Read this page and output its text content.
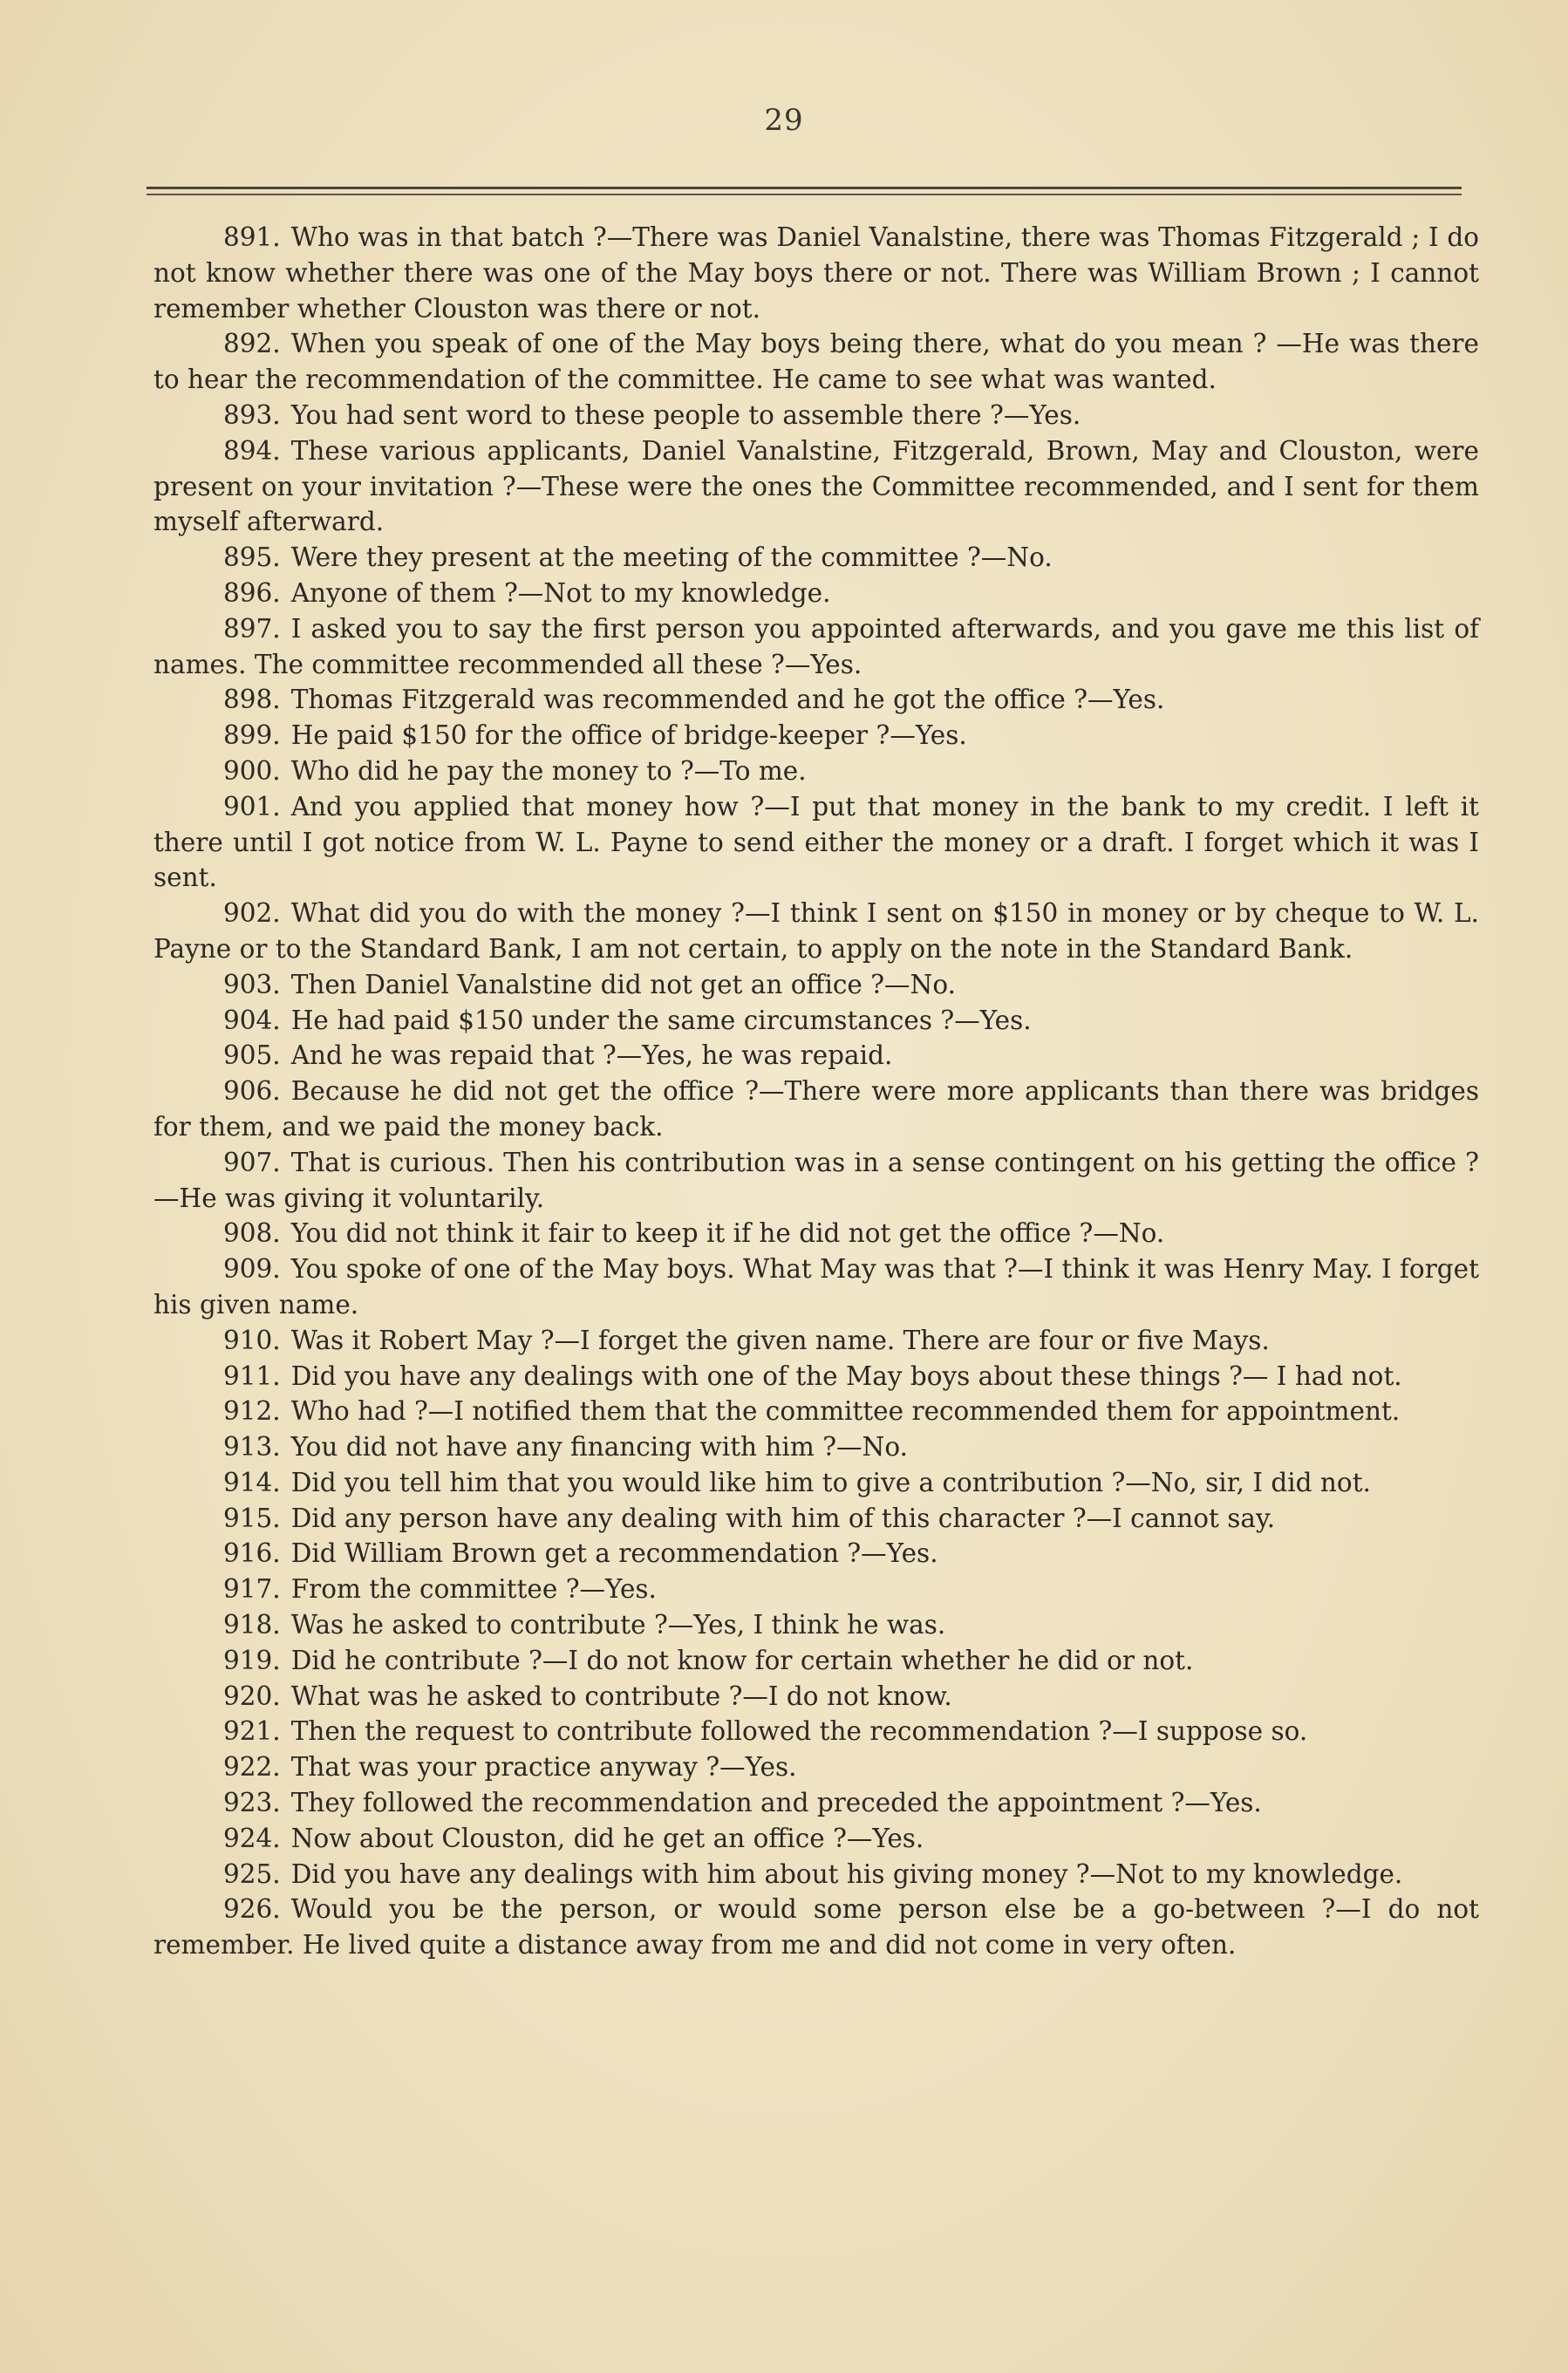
29

891. Who was in that batch ?—There was Daniel Vanalstine, there was Thomas Fitzgerald ; I do not know whether there was one of the May boys there or not. There was William Brown ; I cannot remember whether Clouston was there or not.

892. When you speak of one of the May boys being there, what do you mean ? —He was there to hear the recommendation of the committee. He came to see what was wanted.

893. You had sent word to these people to assemble there ?—Yes.

894. These various applicants, Daniel Vanalstine, Fitzgerald, Brown, May and Clouston, were present on your invitation ?—These were the ones the Committee recommended, and I sent for them myself afterward.

895. Were they present at the meeting of the committee ?—No.

896. Anyone of them ?—Not to my knowledge.

897. I asked you to say the first person you appointed afterwards, and you gave me this list of names. The committee recommended all these ?—Yes.

898. Thomas Fitzgerald was recommended and he got the office ?—Yes.

899. He paid $150 for the office of bridge-keeper ?—Yes.

900. Who did he pay the money to ?—To me.

901. And you applied that money how ?—I put that money in the bank to my credit. I left it there until I got notice from W. L. Payne to send either the money or a draft. I forget which it was I sent.

902. What did you do with the money ?—I think I sent on $150 in money or by cheque to W. L. Payne or to the Standard Bank, I am not certain, to apply on the note in the Standard Bank.

903. Then Daniel Vanalstine did not get an office ?—No.

904. He had paid $150 under the same circumstances ?—Yes.

905. And he was repaid that ?—Yes, he was repaid.

906. Because he did not get the office ?—There were more applicants than there was bridges for them, and we paid the money back.

907. That is curious. Then his contribution was in a sense contingent on his getting the office ?—He was giving it voluntarily.

908. You did not think it fair to keep it if he did not get the office ?—No.

909. You spoke of one of the May boys. What May was that ?—I think it was Henry May. I forget his given name.

910. Was it Robert May ?—I forget the given name. There are four or five Mays.

911. Did you have any dealings with one of the May boys about these things ?— I had not.

912. Who had ?—I notified them that the committee recommended them for appointment.

913. You did not have any financing with him ?—No.

914. Did you tell him that you would like him to give a contribution ?—No, sir, I did not.

915. Did any person have any dealing with him of this character ?—I cannot say.

916. Did William Brown get a recommendation ?—Yes.

917. From the committee ?—Yes.

918. Was he asked to contribute ?—Yes, I think he was.

919. Did he contribute ?—I do not know for certain whether he did or not.

920. What was he asked to contribute ?—I do not know.

921. Then the request to contribute followed the recommendation ?—I suppose so.

922. That was your practice anyway ?—Yes.

923. They followed the recommendation and preceded the appointment ?—Yes.

924. Now about Clouston, did he get an office ?—Yes.

925. Did you have any dealings with him about his giving money ?—Not to my knowledge.

926. Would you be the person, or would some person else be a go-between ?—I do not remember. He lived quite a distance away from me and did not come in very often.
